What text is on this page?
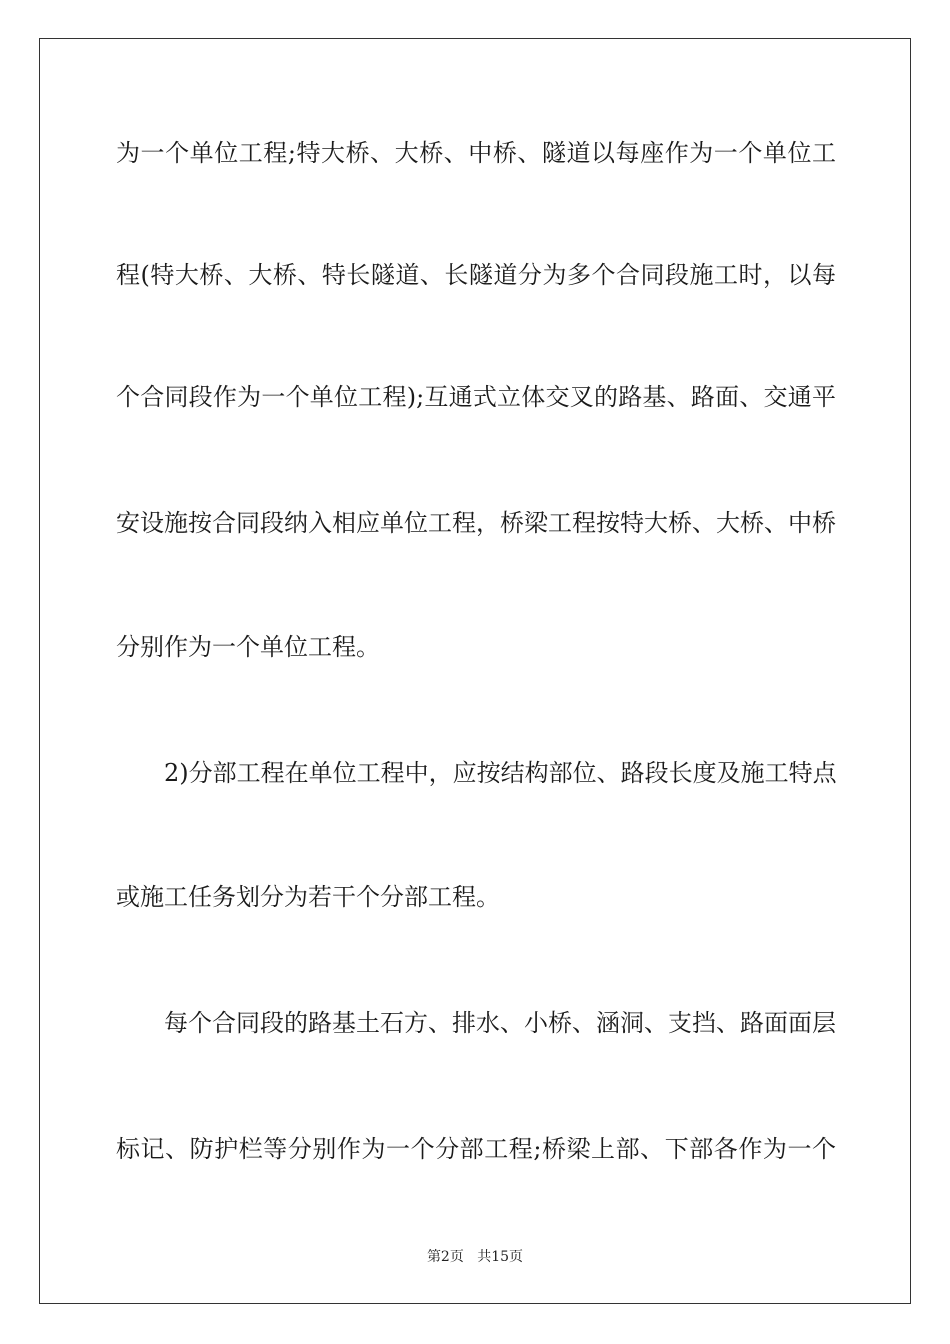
为一个单位工程;特大桥、大桥、中桥、隧道以每座作为一个单位工
程(特大桥、大桥、特长隧道、长隧道分为多个合同段施工时，以每
个合同段作为一个单位工程);互通式立体交叉的路基、路面、交通平
安设施按合同段纳入相应单位工程，桥梁工程按特大桥、大桥、中桥
分别作为一个单位工程。
2)分部工程在单位工程中，应按结构部位、路段长度及施工特点
或施工任务划分为若干个分部工程。
每个合同段的路基土石方、排水、小桥、涵洞、支挡、路面面层
标记、防护栏等分别作为一个分部工程;桥梁上部、下部各作为一个
第2页 共15页
